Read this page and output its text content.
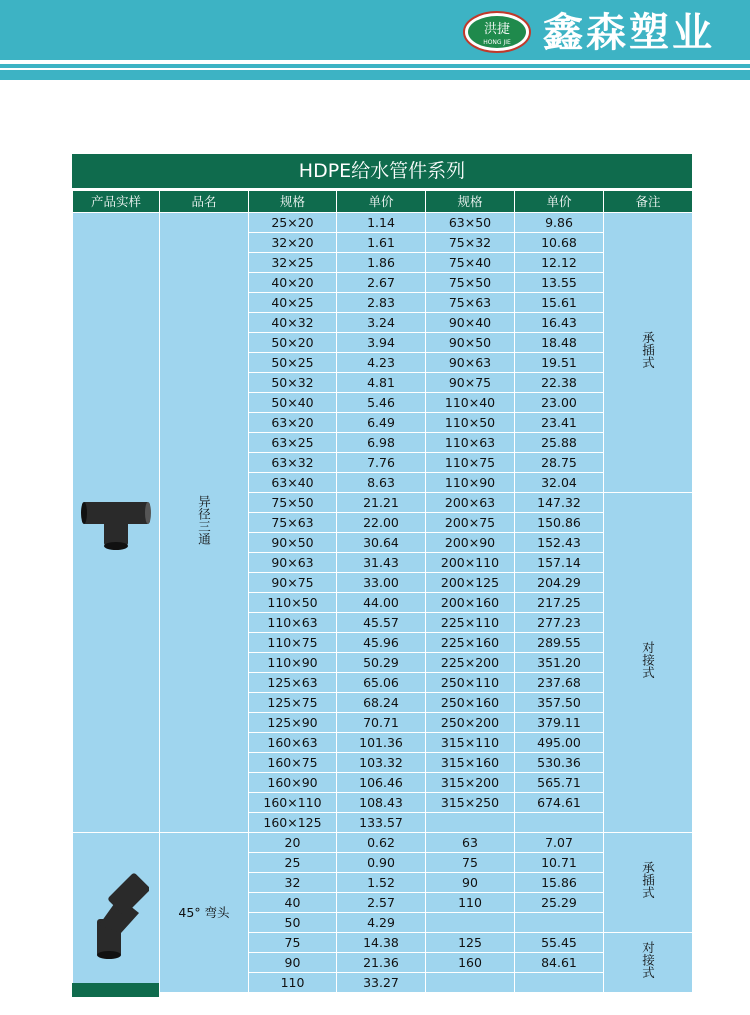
洪捷
HONG JIE 鑫森塑业
HDPE给水管件系列
产品实样	品名	规格	单价	规格	单价	备注

	异径三通	25×20	1.14	63×50	9.86	承插式
		32×20	1.61	75×32	10.68	
		32×25	1.86	75×40	12.12	
		40×20	2.67	75×50	13.55	
		40×25	2.83	75×63	15.61	
		40×32	3.24	90×40	16.43	
		50×20	3.94	90×50	18.48	
		50×25	4.23	90×63	19.51	
		50×32	4.81	90×75	22.38	
		50×40	5.46	110×40	23.00	
		63×20	6.49	110×50	23.41	
		63×25	6.98	110×63	25.88	
		63×32	7.76	110×75	28.75	
		63×40	8.63	110×90	32.04	
		75×50	21.21	200×63	147.32	对接式
		75×63	22.00	200×75	150.86	
		90×50	30.64	200×90	152.43	
		90×63	31.43	200×110	157.14	
		90×75	33.00	200×125	204.29	
		110×50	44.00	200×160	217.25	
		110×63	45.57	225×110	277.23	
		110×75	45.96	225×160	289.55	
		110×90	50.29	225×200	351.20	
		125×63	65.06	250×110	237.68	
		125×75	68.24	250×160	357.50	
		125×90	70.71	250×200	379.11	
		160×63	101.36	315×110	495.00	
		160×75	103.32	315×160	530.36	
		160×90	106.46	315×200	565.71	
		160×110	108.43	315×250	674.61	
		160×125	133.57			

	45° 弯头	20	0.62	63	7.07	承插式
		25	0.90	75	10.71	
		32	1.52	90	15.86	
		40	2.57	110	25.29	
		50	4.29			
		75	14.38	125	55.45	对接式
		90	21.36	160	84.61	
		110	33.27			
